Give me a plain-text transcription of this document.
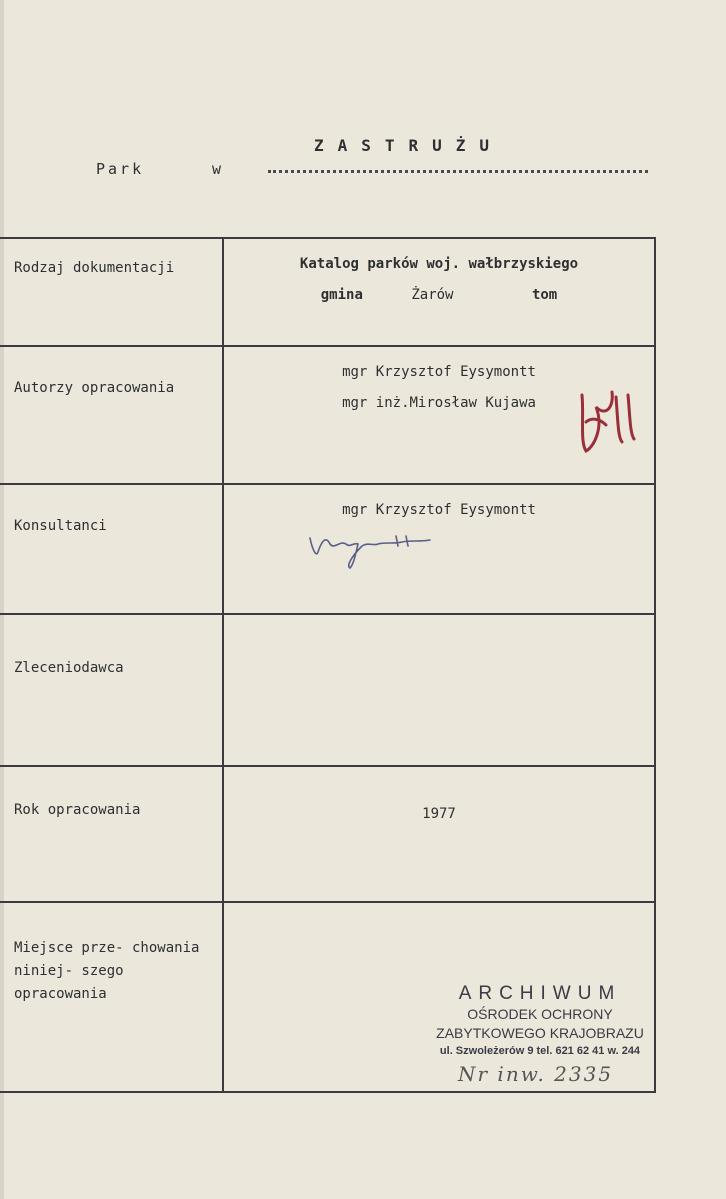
ZASTRUŻU
Park	w
Rodzaj dokumentacji	Katalog parków woj. wałbrzyskiego
gmina Żarów tom

Autorzy opracowania	mgr Krzysztof Eysymontt
mgr inż.Mirosław Kujawa

Konsultanci	mgr Krzysztof Eysymontt

Zleceniodawca	
Rok opracowania	1977
Miejsce prze- chowania niniej- szego opracowania		ARCHIWUM
OŚRODEK OCHRONY
ZABYTKOWEGO KRAJOBRAZU
ul. Szwoleżerów 9 tel. 621 62 41 w. 244
Nr inw. 2335
